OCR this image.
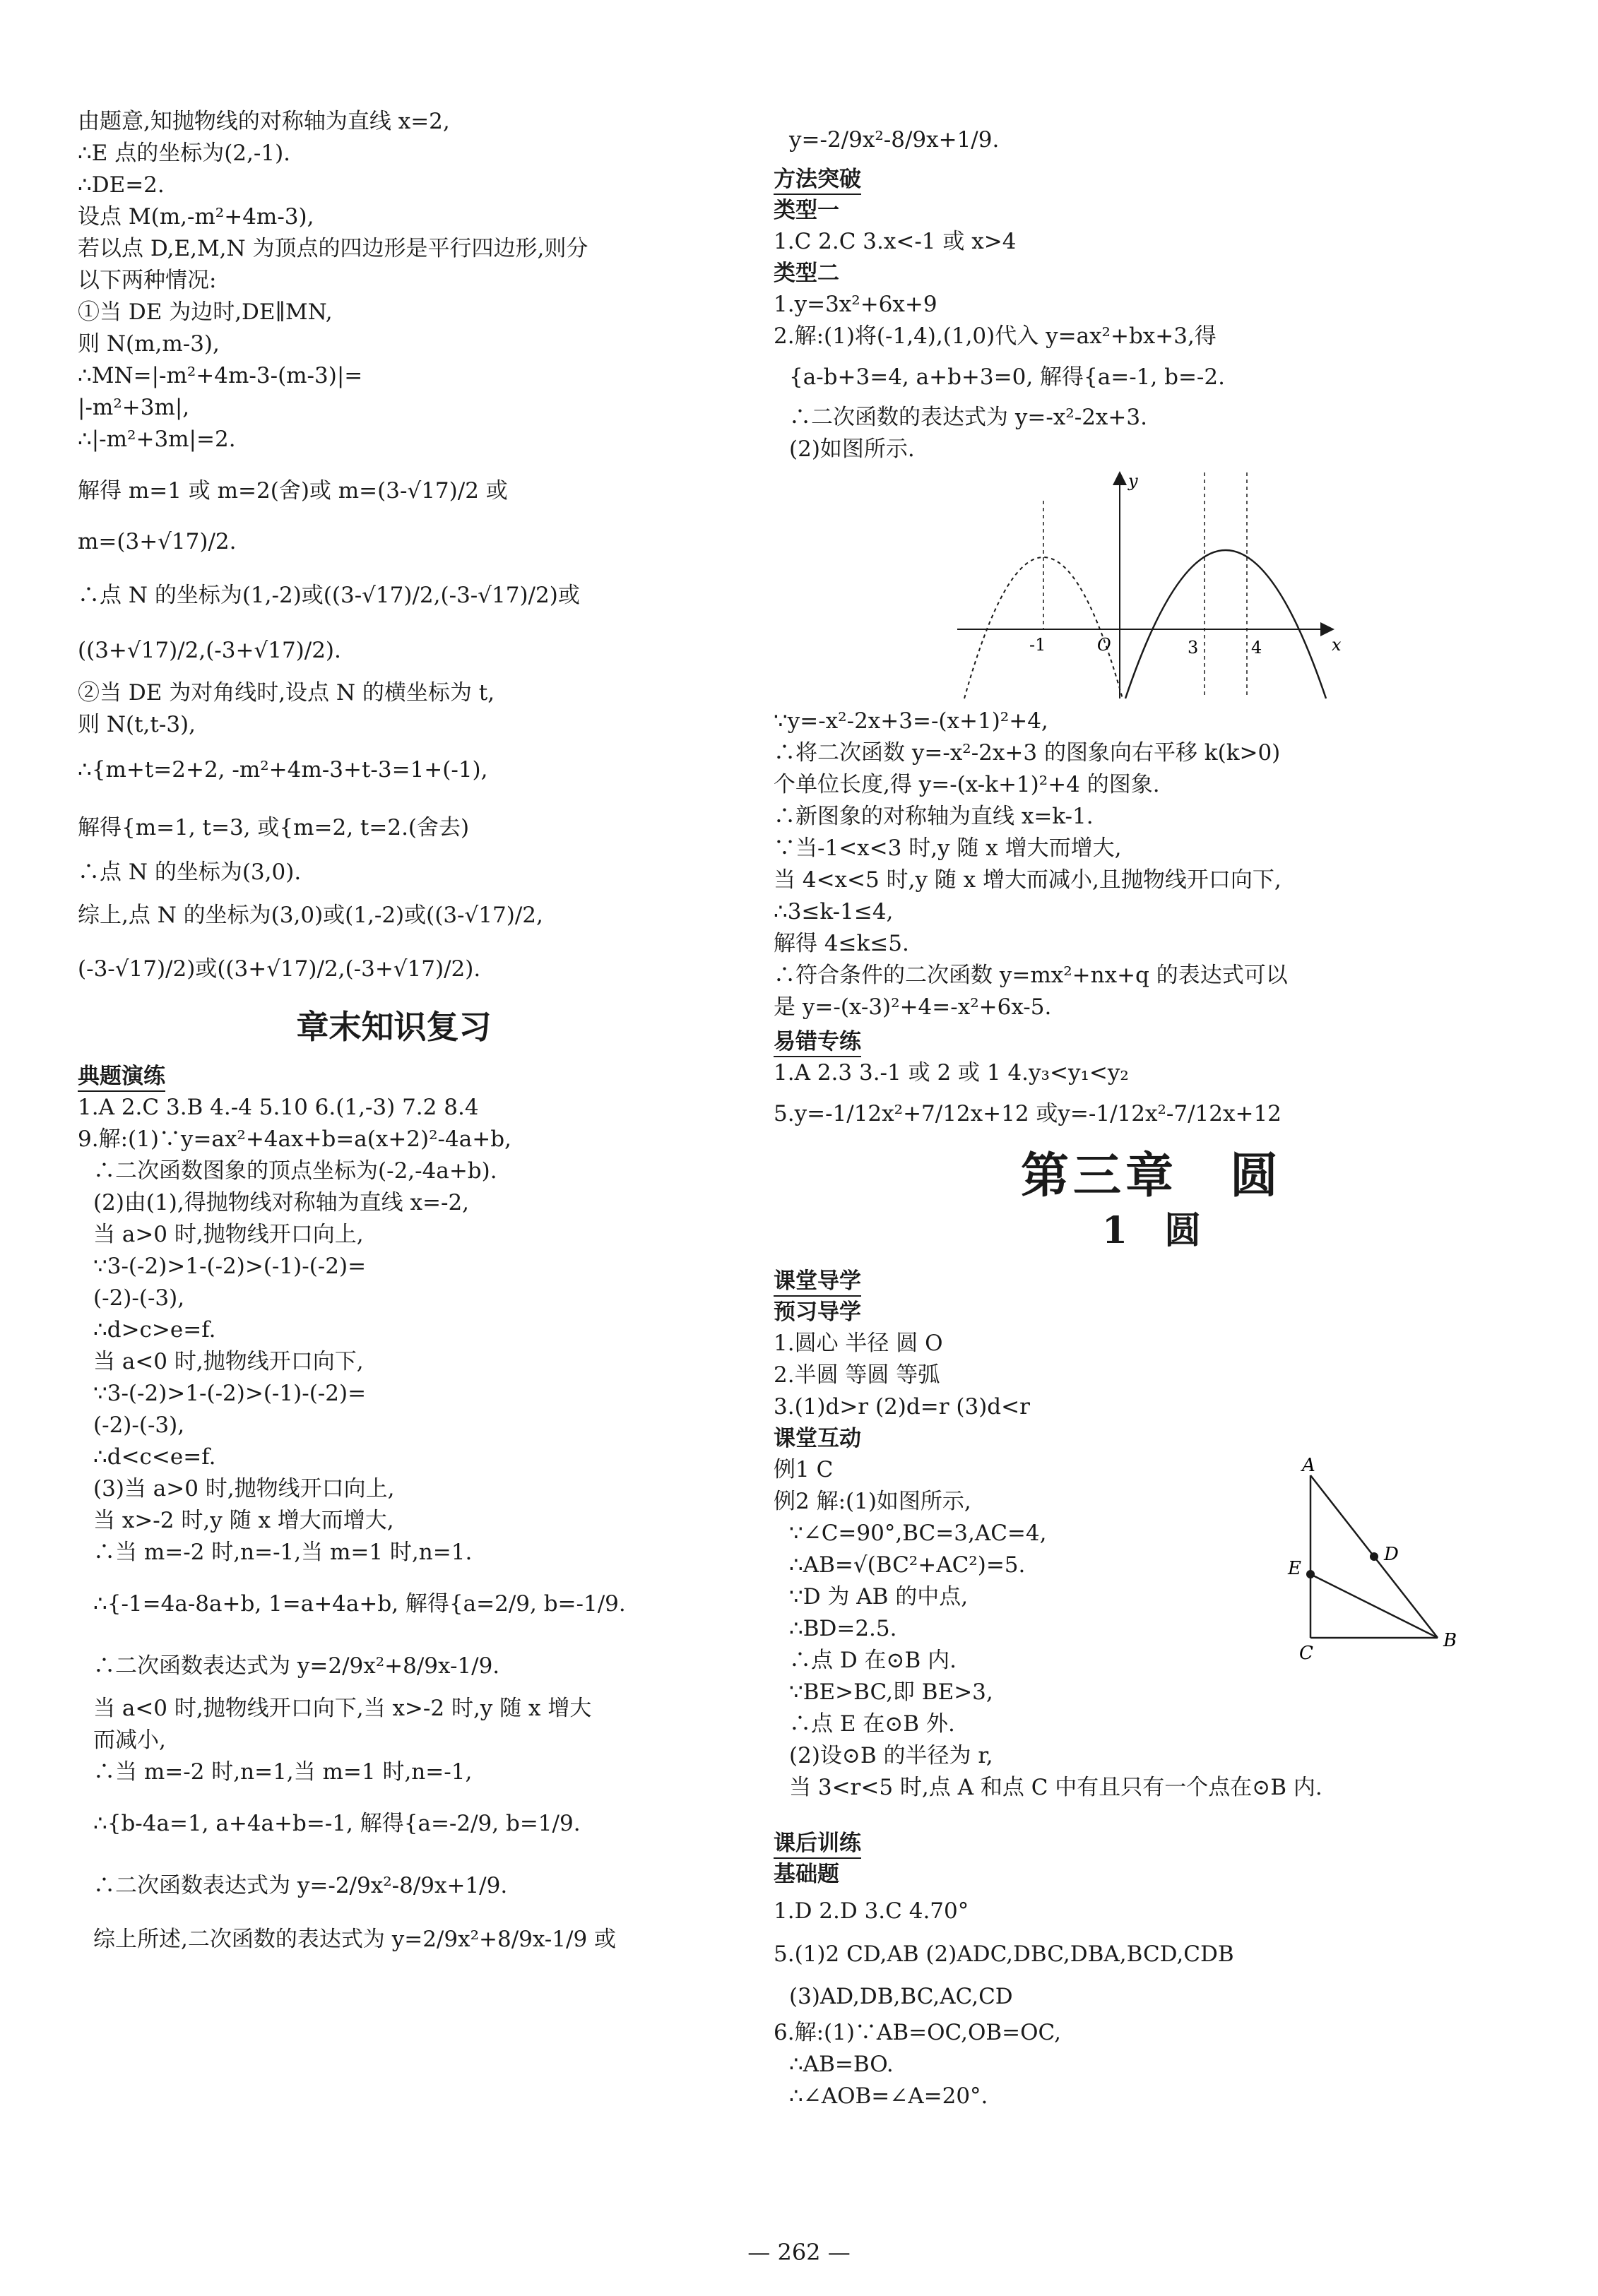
由题意,知抛物线的对称轴为直线 x=2,
∴E 点的坐标为(2,-1).
∴DE=2.
设点 M(m,-m²+4m-3),
若以点 D,E,M,N 为顶点的四边形是平行四边形,则分
以下两种情况:
①当 DE 为边时,DE∥MN,
则 N(m,m-3),
∴MN=|-m²+4m-3-(m-3)|=
|-m²+3m|,
∴|-m²+3m|=2.
解得 m=1 或 m=2(舍)或 m=(3-√17)/2 或
m=(3+√17)/2.
∴点 N 的坐标为(1,-2)或((3-√17)/2,(-3-√17)/2)或
((3+√17)/2,(-3+√17)/2).
②当 DE 为对角线时,设点 N 的横坐标为 t,
则 N(t,t-3),
∴{m+t=2+2, -m²+4m-3+t-3=1+(-1),
解得{m=1, t=3, 或{m=2, t=2.(舍去)
∴点 N 的坐标为(3,0).
综上,点 N 的坐标为(3,0)或(1,-2)或((3-√17)/2,
(-3-√17)/2)或((3+√17)/2,(-3+√17)/2).
章末知识复习
典题演练
1.A 2.C 3.B 4.-4 5.10 6.(1,-3) 7.2 8.4
9.解:(1)∵y=ax²+4ax+b=a(x+2)²-4a+b,
∴二次函数图象的顶点坐标为(-2,-4a+b).
(2)由(1),得抛物线对称轴为直线 x=-2,
当 a>0 时,抛物线开口向上,
∵3-(-2)>1-(-2)>(-1)-(-2)=
(-2)-(-3),
∴d>c>e=f.
当 a<0 时,抛物线开口向下,
∵3-(-2)>1-(-2)>(-1)-(-2)=
(-2)-(-3),
∴d<c<e=f.
(3)当 a>0 时,抛物线开口向上,
当 x>-2 时,y 随 x 增大而增大,
∴当 m=-2 时,n=-1,当 m=1 时,n=1.
∴{-1=4a-8a+b, 1=a+4a+b, 解得{a=2/9, b=-1/9.
∴二次函数表达式为 y=2/9x²+8/9x-1/9.
当 a<0 时,抛物线开口向下,当 x>-2 时,y 随 x 增大
而减小,
∴当 m=-2 时,n=1,当 m=1 时,n=-1,
∴{b-4a=1, a+4a+b=-1, 解得{a=-2/9, b=1/9.
∴二次函数表达式为 y=-2/9x²-8/9x+1/9.
综上所述,二次函数的表达式为 y=2/9x²+8/9x-1/9 或
y=-2/9x²-8/9x+1/9.
方法突破
类型一
1.C 2.C 3.x<-1 或 x>4
类型二
1.y=3x²+6x+9
2.解:(1)将(-1,4),(1,0)代入 y=ax²+bx+3,得
{a-b+3=4, a+b+3=0, 解得{a=-1, b=-2.
∴二次函数的表达式为 y=-x²-2x+3.
(2)如图所示.
y
x
O
-1	3	4
∵y=-x²-2x+3=-(x+1)²+4,
∴将二次函数 y=-x²-2x+3 的图象向右平移 k(k>0)
个单位长度,得 y=-(x-k+1)²+4 的图象.
∴新图象的对称轴为直线 x=k-1.
∵当-1<x<3 时,y 随 x 增大而增大,
当 4<x<5 时,y 随 x 增大而减小,且抛物线开口向下,
∴3≤k-1≤4,
解得 4≤k≤5.
∴符合条件的二次函数 y=mx²+nx+q 的表达式可以
是 y=-(x-3)²+4=-x²+6x-5.
易错专练
1.A 2.3 3.-1 或 2 或 1 4.y₃<y₁<y₂
5.y=-1/12x²+7/12x+12 或y=-1/12x²-7/12x+12
第三章　圆
1　圆
课堂导学
预习导学
1.圆心 半径 圆 O
2.半圆 等圆 等弧
3.(1)d>r (2)d=r (3)d<r
课堂互动
例1 C
例2 解:(1)如图所示,
∵∠C=90°,BC=3,AC=4,
∴AB=√(BC²+AC²)=5.
∵D 为 AB 的中点,
∴BD=2.5.
∴点 D 在⊙B 内.
∵BE>BC,即 BE>3,
∴点 E 在⊙B 外.
(2)设⊙B 的半径为 r,
当 3<r<5 时,点 A 和点 C 中有且只有一个点在⊙B 内.
A
B
C
D
E
课后训练
基础题
1.D 2.D 3.C 4.70°
5.(1)2 CD,AB (2)ADC,DBC,DBA,BCD,CDB
(3)AD,DB,BC,AC,CD
6.解:(1)∵AB=OC,OB=OC,
∴AB=BO.
∴∠AOB=∠A=20°.
— 262 —
